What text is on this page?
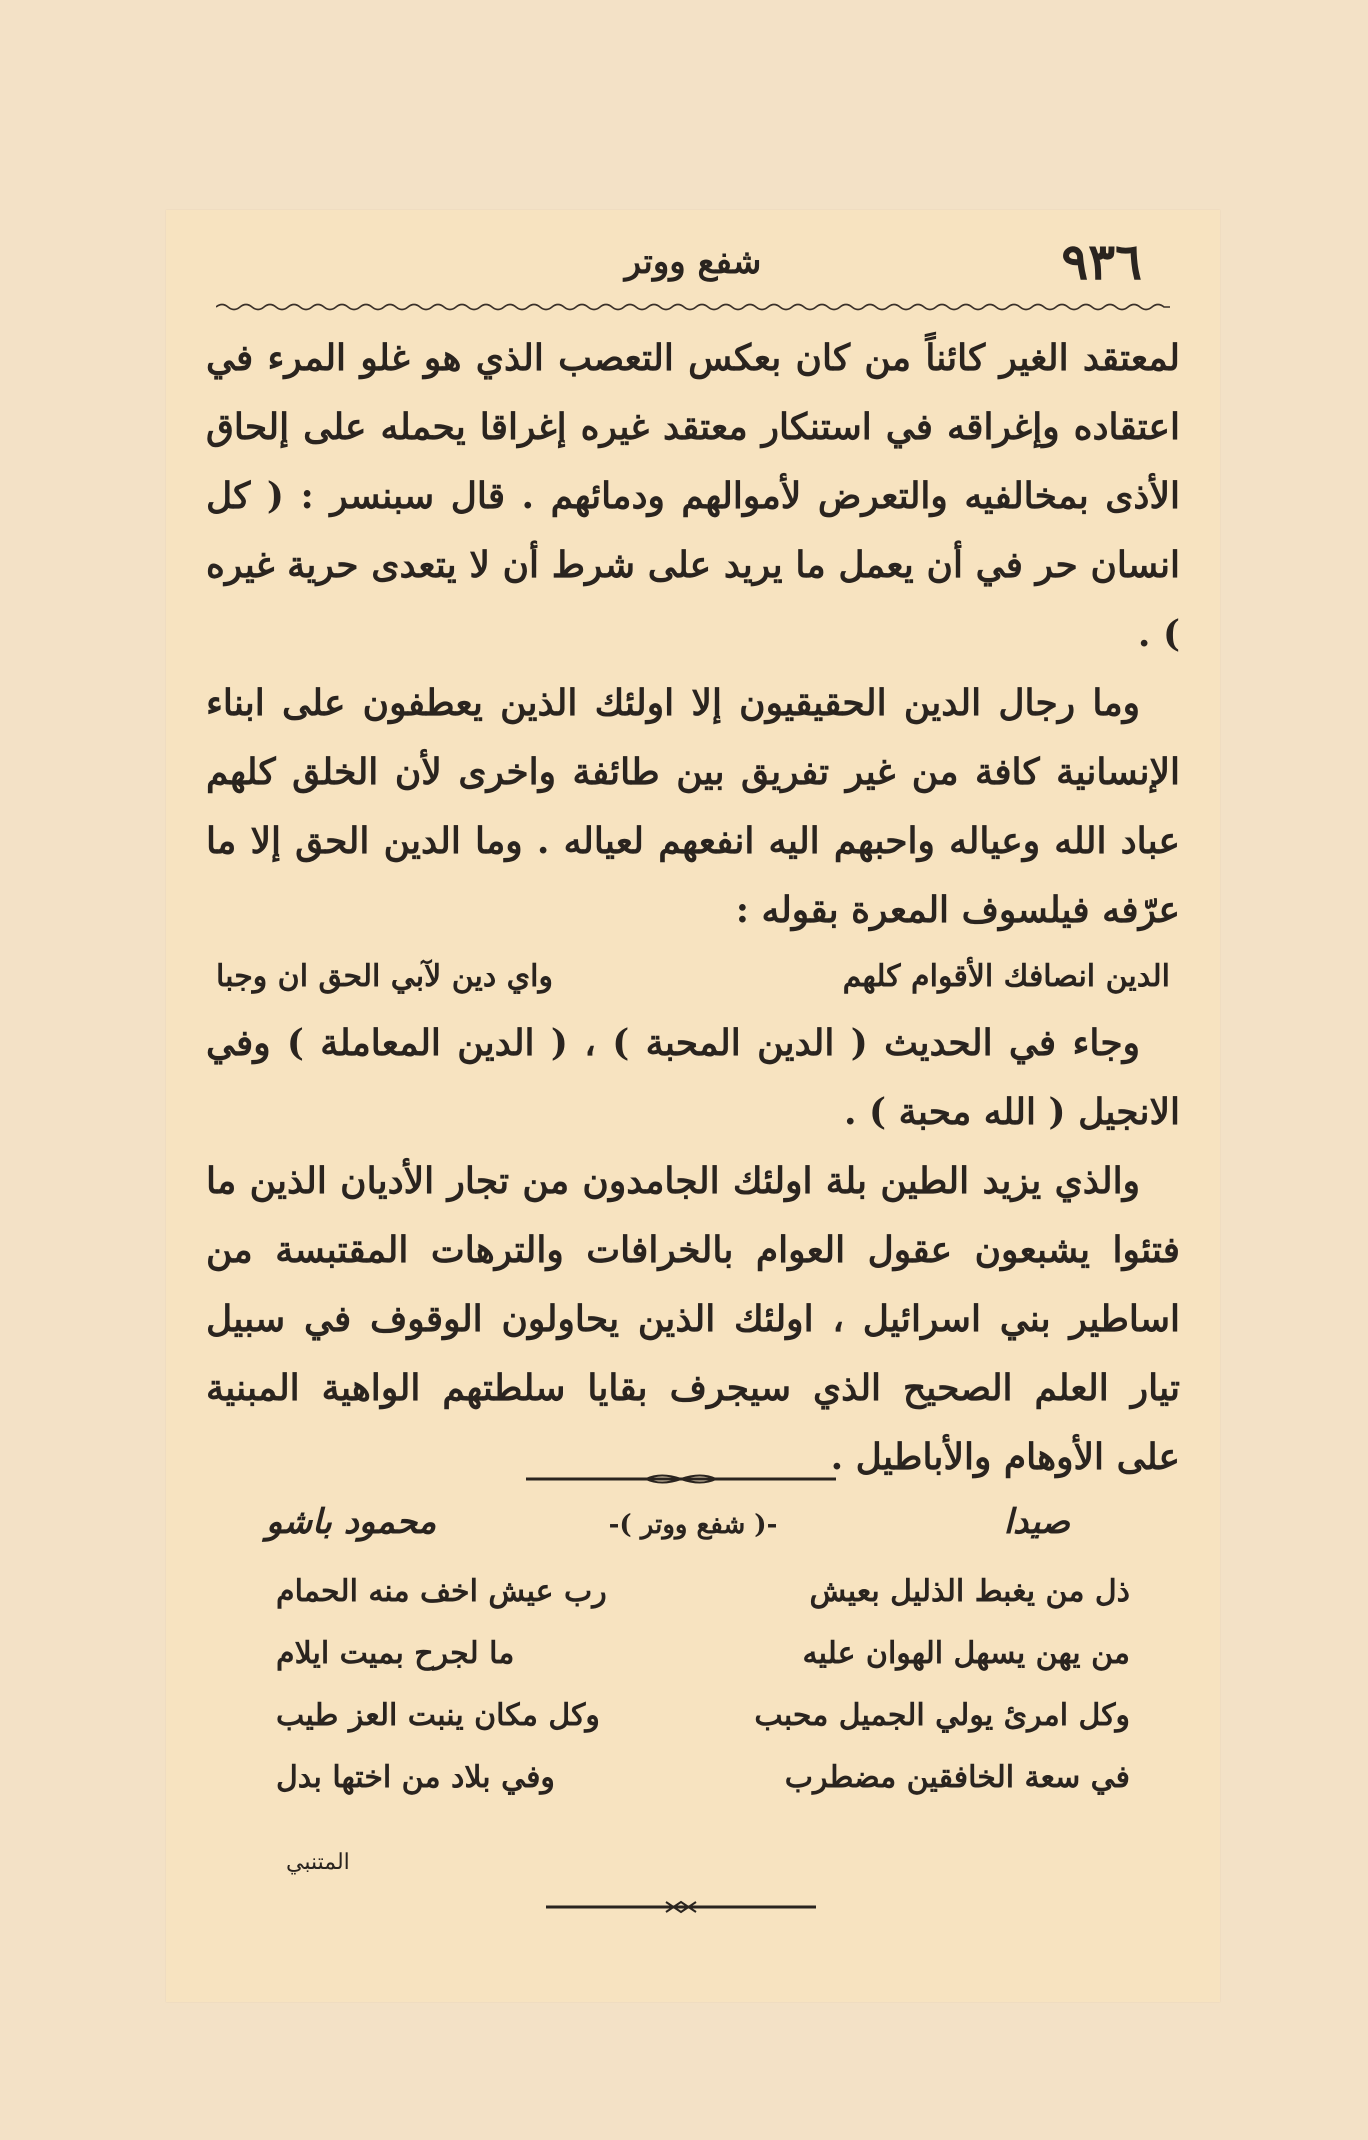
٩٣٦
شفع ووتر

لمعتقد الغير كائناً من كان بعكس التعصب الذي هو غلو المرء في اعتقاده وإغراقه في استنكار معتقد غيره إغراقا يحمله على إلحاق الأذى بمخالفيه والتعرض لأموالهم ودمائهم . قال سبنسر : ( كل انسان حر في أن يعمل ما يريد على شرط أن لا يتعدى حرية غيره ) .

وما رجال الدين الحقيقيون إلا اولئك الذين يعطفون على ابناء الإنسانية كافة من غير تفريق بين طائفة واخرى لأن الخلق كلهم عباد الله وعياله واحبهم اليه انفعهم لعياله . وما الدين الحق إلا ما عرّفه فيلسوف المعرة بقوله :

الدين انصافك الأقوام كلهم
واي دين لآبي الحق ان وجبا

وجاء في الحديث ( الدين المحبة ) ، ( الدين المعاملة ) وفي الانجيل ( الله محبة ) .

والذي يزيد الطين بلة اولئك الجامدون من تجار الأديان الذين ما فتئوا يشبعون عقول العوام بالخرافات والترهات المقتبسة من اساطير بني اسرائيل ، اولئك الذين يحاولون الوقوف في سبيل تيار العلم الصحيح الذي سيجرف بقايا سلطتهم الواهية المبنية على الأوهام والأباطيل .

صيدا
محمود باشو	-( شفع ووتر )-
ذل من يغبط الذليل بعيش
رب عيش اخف منه الحمام
من يهن يسهل الهوان عليه
ما لجرح بميت ايلام
وكل امرئ يولي الجميل محبب
وكل مكان ينبت العز طيب
في سعة الخافقين مضطرب
وفي بلاد من اختها بدل
المتنبي
